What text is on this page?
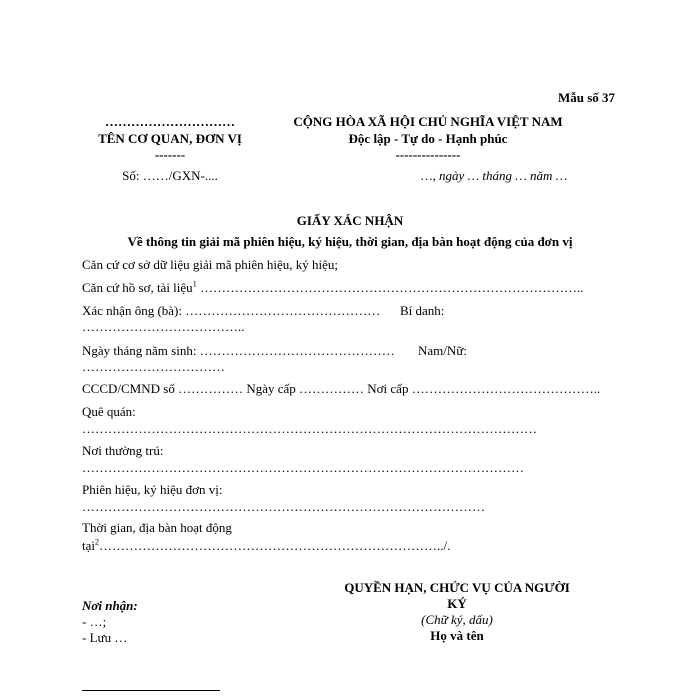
Mẫu số 37
…………………………
TÊN CƠ QUAN, ĐƠN VỊ
-------
Số: ……/GXN-....
CỘNG HÒA XÃ HỘI CHỦ NGHĨA VIỆT NAM
Độc lập - Tự do - Hạnh phúc
---------------
…, ngày … tháng … năm …
GIẤY XÁC NHẬN
Về thông tin giải mã phiên hiệu, ký hiệu, thời gian, địa bàn hoạt động của đơn vị
Căn cứ cơ sở dữ liệu giải mã phiên hiệu, ký hiệu;
Căn cứ hồ sơ, tài liệu$^1$ ……………………………………………………………………………..
Xác nhận ông (bà): ……………………………………… Bí danh:
………………………………..
Ngày tháng năm sinh: ……………………………………… Nam/Nữ:
……………………………
CCCD/CMND số …………… Ngày cấp …………… Nơi cấp ……………………………………..
Quê quán:
……………………………………………………………………………………………
Nơi thường trú:
…………………………………………………………………………………………
Phiên hiệu, ký hiệu đơn vị:
…………………………………………………………………………………
Thời gian, địa bàn hoạt động
tại$^2$……………………………………………………………………../.
Nơi nhận:
- …;
- Lưu …
QUYỀN HẠN, CHỨC VỤ CỦA NGƯỜI
KÝ
(Chữ ký, dấu)
Họ và tên
